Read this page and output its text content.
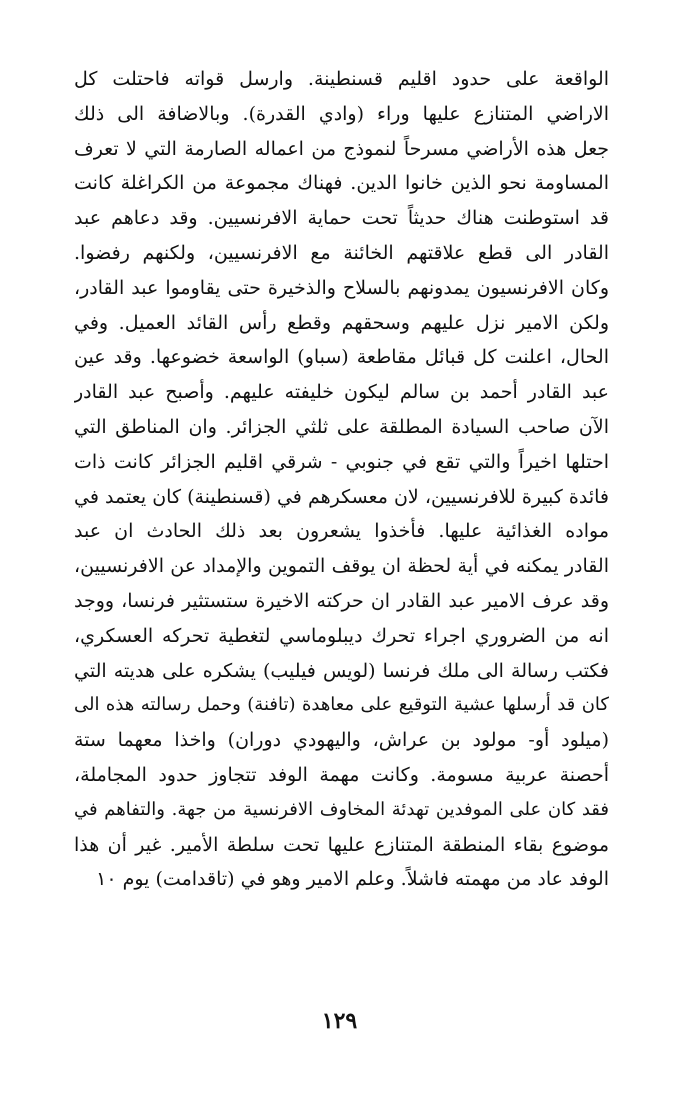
الواقعة على حدود اقليم قسنطينة. وارسل قواته فاحتلت كل
الاراضي المتنازع عليها وراء (وادي القدرة). وبالاضافة الى ذلك
جعل هذه الأراضي مسرحاً لنموذج من اعماله الصارمة التي لا تعرف
المساومة نحو الذين خانوا الدين. فهناك مجموعة من الكراغلة كانت
قد استوطنت هناك حديثاً تحت حماية الافرنسيين. وقد دعاهم عبد
القادر الى قطع علاقتهم الخائنة مع الافرنسيين، ولكنهم رفضوا.
وكان الافرنسيون يمدونهم بالسلاح والذخيرة حتى يقاوموا عبد القادر،
ولكن الامير نزل عليهم وسحقهم وقطع رأس القائد العميل. وفي
الحال، اعلنت كل قبائل مقاطعة (سباو) الواسعة خضوعها. وقد عين
عبد القادر أحمد بن سالم ليكون خليفته عليهم. وأصبح عبد القادر
الآن صاحب السيادة المطلقة على ثلثي الجزائر. وان المناطق التي
احتلها اخيراً والتي تقع في جنوبي - شرقي اقليم الجزائر كانت ذات
فائدة كبيرة للافرنسيين، لان معسكرهم في (قسنطينة) كان يعتمد في
مواده الغذائية عليها. فأخذوا يشعرون بعد ذلك الحادث ان عبد
القادر يمكنه في أية لحظة ان يوقف التموين والإمداد عن الافرنسيين،
وقد عرف الامير عبد القادر ان حركته الاخيرة ستستثير فرنسا، ووجد
انه من الضروري اجراء تحرك ديبلوماسي لتغطية تحركه العسكري،
فكتب رسالة الى ملك فرنسا (لويس فيليب) يشكره على هديته التي
كان قد أرسلها عشية التوقيع على معاهدة (تافنة) وحمل رسالته هذه الى
(ميلود أو- مولود بن عراش، واليهودي دوران) واخذا معهما ستة
أحصنة عربية مسومة. وكانت مهمة الوفد تتجاوز حدود المجاملة،
فقد كان على الموفدين تهدئة المخاوف الافرنسية من جهة. والتفاهم في
موضوع بقاء المنطقة المتنازع عليها تحت سلطة الأمير. غير أن هذا
الوفد عاد من مهمته فاشلاً. وعلم الامير وهو في (تاقدامت) يوم ١٠
١٢٩
